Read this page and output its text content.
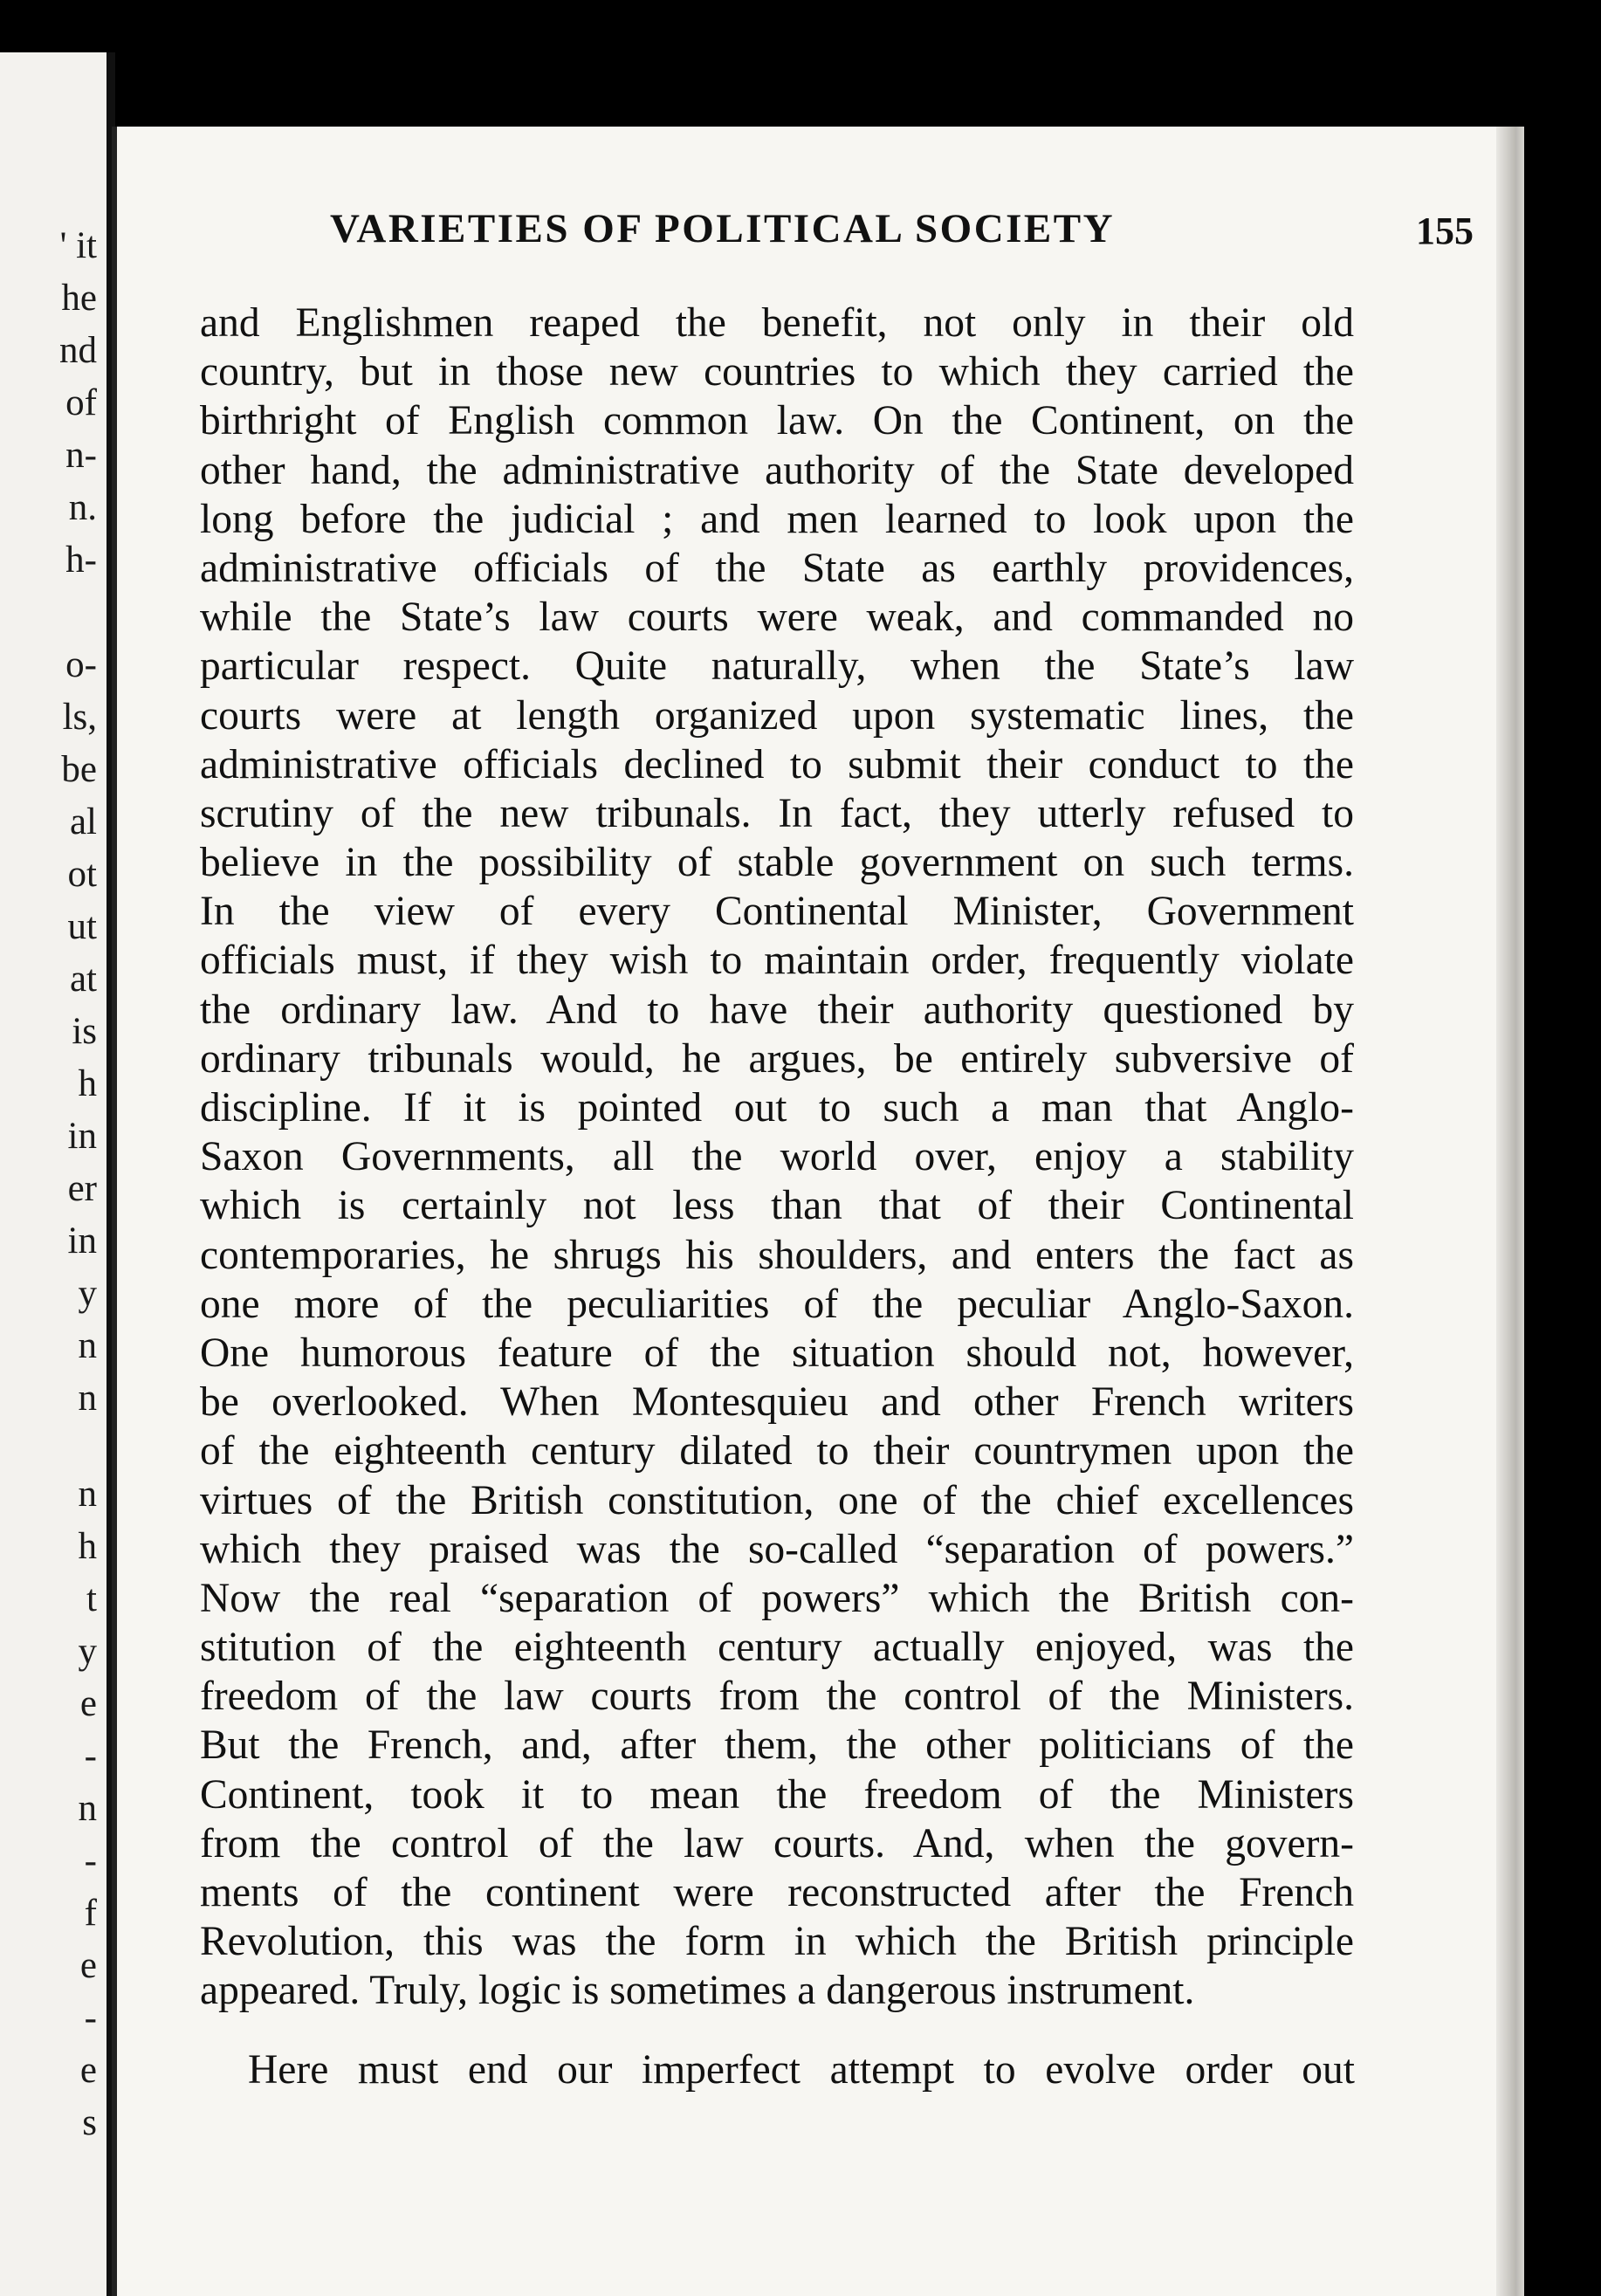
' it
he
nd
of
n-
n.
h-
o-
ls,
be
al
ot
ut
at
is
h
in
er
in
y
n
n
n
h
t
y
e
-
n
-
f
e
-
e
s
VARIETIES OF POLITICAL SOCIETY	155
and Englishmen reaped the benefit, not only in their old
country, but in those new countries to which they carried the
birthright of English common law. On the Continent, on the
other hand, the administrative authority of the State developed
long before the judicial ; and men learned to look upon the
administrative officials of the State as earthly providences,
while the State’s law courts were weak, and commanded no
particular respect. Quite naturally, when the State’s law
courts were at length organized upon systematic lines, the
administrative officials declined to submit their conduct to the
scrutiny of the new tribunals. In fact, they utterly refused to
believe in the possibility of stable government on such terms.
In the view of every Continental Minister, Government
officials must, if they wish to maintain order, frequently violate
the ordinary law. And to have their authority questioned by
ordinary tribunals would, he argues, be entirely subversive of
discipline. If it is pointed out to such a man that Anglo-
Saxon Governments, all the world over, enjoy a stability
which is certainly not less than that of their Continental
contemporaries, he shrugs his shoulders, and enters the fact as
one more of the peculiarities of the peculiar Anglo-Saxon.
One humorous feature of the situation should not, however,
be overlooked. When Montesquieu and other French writers
of the eighteenth century dilated to their countrymen upon the
virtues of the British constitution, one of the chief excellences
which they praised was the so-called “separation of powers.”
Now the real “separation of powers” which the British con-
stitution of the eighteenth century actually enjoyed, was the
freedom of the law courts from the control of the Ministers.
But the French, and, after them, the other politicians of the
Continent, took it to mean the freedom of the Ministers
from the control of the law courts. And, when the govern-
ments of the continent were reconstructed after the French
Revolution, this was the form in which the British principle
appeared. Truly, logic is sometimes a dangerous instrument.
Here must end our imperfect attempt to evolve order out
